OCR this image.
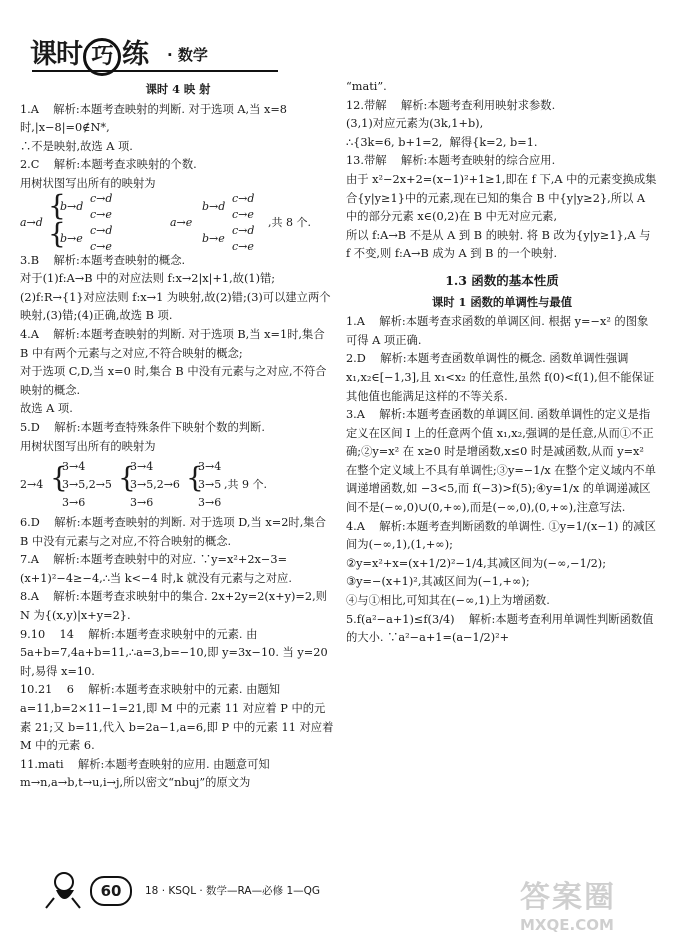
课时 巧 练 · 数学
课时 4 映 射

1.A    解析:本题考查映射的判断. 对于选项 A,当 x=8时,|x−8|=0∉N*,

∴不是映射,故选 A 项.

2.C    解析:本题考查求映射的个数.

用树状图写出所有的映射为

a→d
{
{
b→d
b→e
c→d
c→e
c→d
c→e
a→e
b→d
b→e
c→d
c→e
c→d
c→e
,共 8 个.

3.B    解析:本题考查映射的概念.

对于(1)f:A→B 中的对应法则 f:x→2|x|+1,故(1)错;(2)f:R→{1}对应法则 f:x→1 为映射,故(2)错;(3)可以建立两个映射,(3)错;(4)正确,故选 B 项.

4.A    解析:本题考查映射的判断. 对于选项 B,当 x=1时,集合 B 中有两个元素与之对应,不符合映射的概念;

对于选项 C,D,当 x=0 时,集合 B 中没有元素与之对应,不符合映射的概念.

故选 A 项.

5.D    解析:本题考查特殊条件下映射个数的判断.

用树状图写出所有的映射为

2→4 {
3→4
3→5,2→5
3→6
{
3→4
3→5,2→6
3→6
{
3→4
3→5
3→6
,共 9 个.

6.D    解析:本题考查映射的判断. 对于选项 D,当 x=2时,集合 B 中没有元素与之对应,不符合映射的概念.

7.A    解析:本题考查映射中的对应. ∵y=x²+2x−3=(x+1)²−4≥−4,∴当 k<−4 时,k 就没有元素与之对应.

8.A    解析:本题考查求映射中的集合. 2x+2y=2(x+y)=2,则 N 为{(x,y)|x+y=2}.

9.10    14    解析:本题考查求映射中的元素. 由 5a+b=7,4a+b=11,∴a=3,b=−10,即 y=3x−10. 当 y=20 时,易得 x=10.

10.21    6    解析:本题考查求映射中的元素. 由题知 a=11,b=2×11−1=21,即 M 中的元素 11 对应着 P 中的元素 21;又 b=11,代入 b=2a−1,a=6,即 P 中的元素 11 对应着 M 中的元素 6.

11.mati    解析:本题考查映射的应用. 由题意可知 m→n,a→b,t→u,i→j,所以密文“nbuj”的原文为

“mati”.

12.带解    解析:本题考查利用映射求参数.

(3,1)对应元素为(3k,1+b),

∴{3k=6, b+1=2,  解得{k=2, b=1.

13.带解    解析:本题考查映射的综合应用.

由于 x²−2x+2=(x−1)²+1≥1,即在 f 下,A 中的元素变换成集合{y|y≥1}中的元素,现在已知的集合 B 中{y|y≥2},所以 A 中的部分元素 x∈(0,2)在 B 中无对应元素,

所以 f:A→B 不是从 A 到 B 的映射. 将 B 改为{y|y≥1},A 与 f 不变,则 f:A→B 成为 A 到 B 的一个映射.

1.3 函数的基本性质
课时 1 函数的单调性与最值

1.A    解析:本题考查求函数的单调区间. 根据 y=−x² 的图象可得 A 项正确.

2.D    解析:本题考查函数单调性的概念. 函数单调性强调 x₁,x₂∈[−1,3],且 x₁<x₂ 的任意性,虽然 f(0)<f(1),但不能保证其他值也能满足这样的不等关系.

3.A    解析:本题考查函数的单调区间. 函数单调性的定义是指定义在区间 I 上的任意两个值 x₁,x₂,强调的是任意,从而①不正确;②y=x² 在 x≥0 时是增函数,x≤0 时是减函数,从而 y=x² 在整个定义域上不具有单调性;③y=−1/x 在整个定义域内不单调递增函数,如 −3<5,而 f(−3)>f(5);④y=1/x 的单调递减区间不是(−∞,0)∪(0,+∞),而是(−∞,0),(0,+∞),注意写法.

4.A    解析:本题考查判断函数的单调性. ①y=1/(x−1) 的减区间为(−∞,1),(1,+∞);

②y=x²+x=(x+1/2)²−1/4,其减区间为(−∞,−1/2);

③y=−(x+1)²,其减区间为(−1,+∞);

④与①相比,可知其在(−∞,1)上为增函数.

5.f(a²−a+1)≤f(3/4)    解析:本题考查利用单调性判断函数值的大小. ∵a²−a+1=(a−1/2)²+

60	18 · KSQL · 数学—RA—必修 1—QG	答案圈
MXQE.COM
